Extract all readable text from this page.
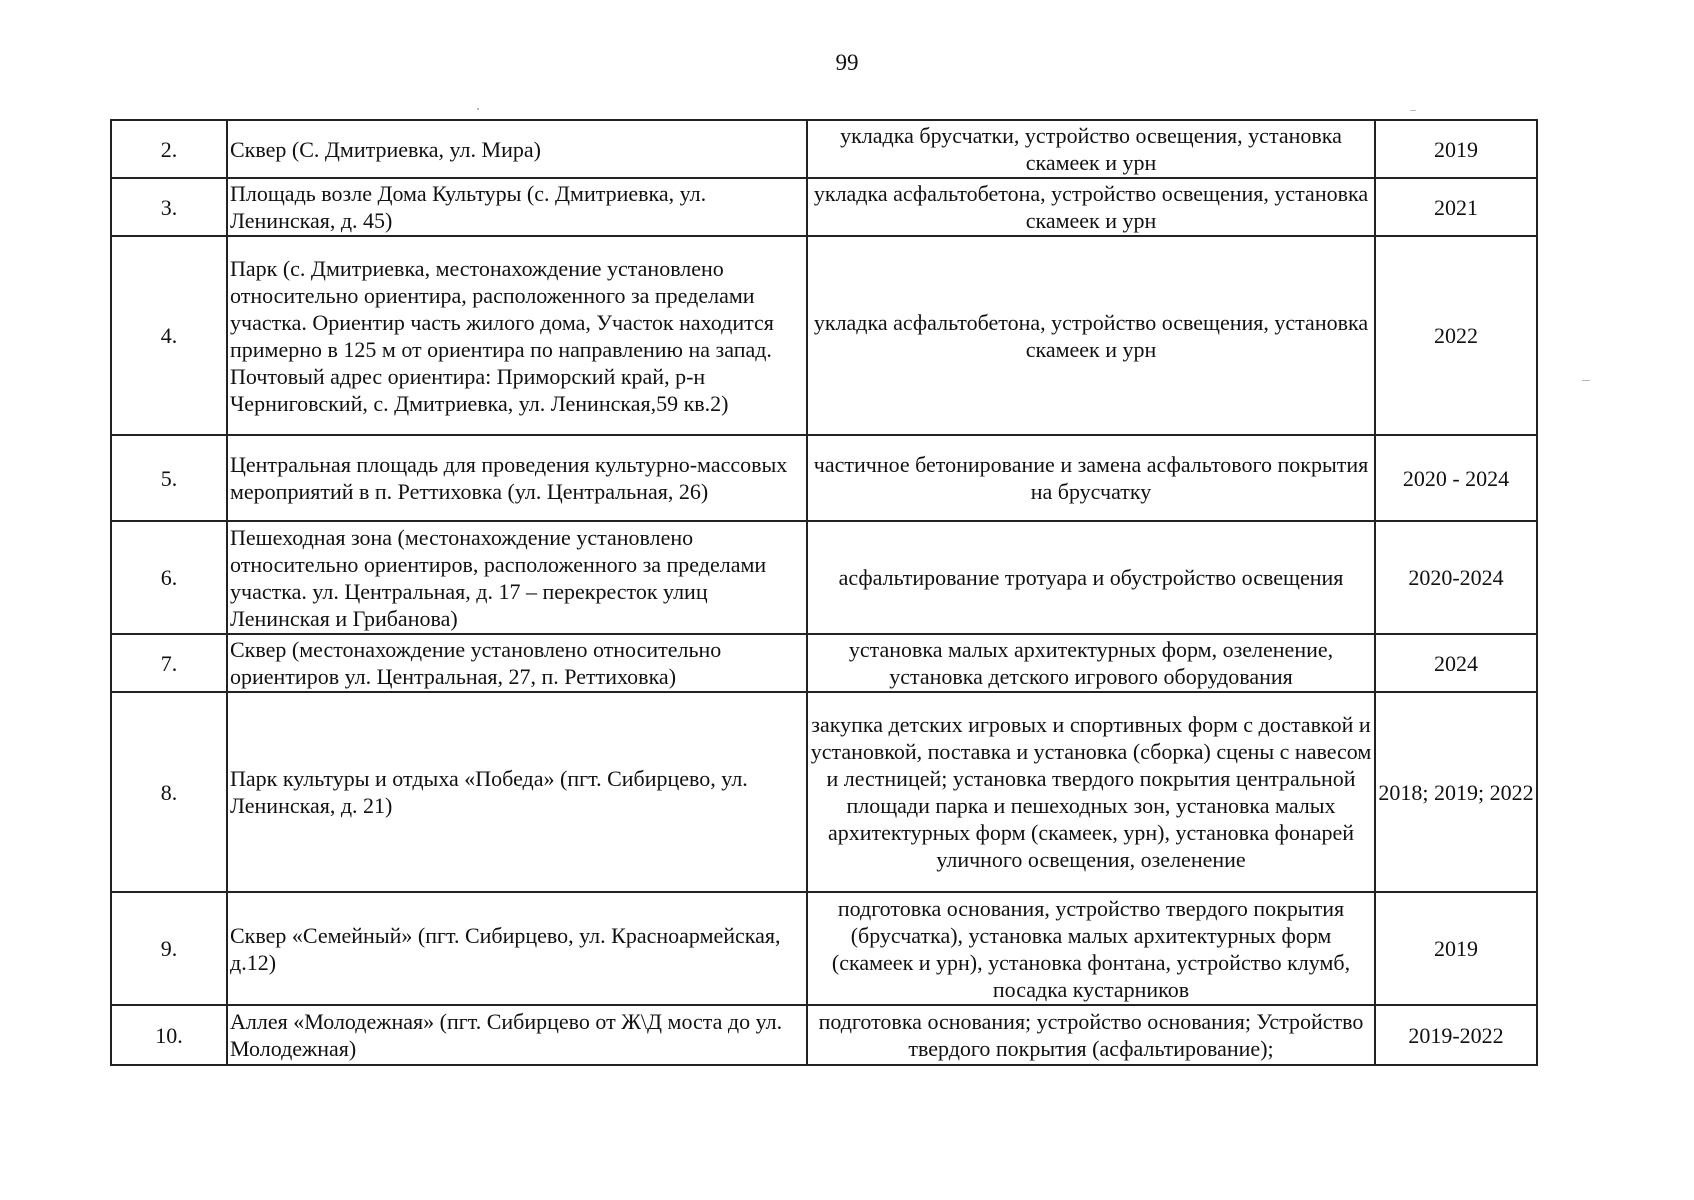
99
2.	Сквер (С. Дмитриевка, ул. Мира)	укладка брусчатки, устройство освещения, установка скамеек и урн	2019
3.	Площадь возле Дома Культуры (с. Дмитриевка, ул. Ленинская, д. 45)	укладка асфальтобетона, устройство освещения, установка скамеек и урн	2021
4.	Парк (с. Дмитриевка, местонахождение установлено относительно ориентира, расположенного за пределами участка. Ориентир часть жилого дома, Участок находится примерно в 125 м от ориентира по направлению на запад. Почтовый адрес ориентира: Приморский край, р-н Черниговский, с. Дмитриевка, ул. Ленинская,59 кв.2)	укладка асфальтобетона, устройство освещения, установка скамеек и урн	2022
5.	Центральная площадь для проведения культурно-массовых мероприятий в п. Реттиховка (ул. Центральная, 26)	частичное бетонирование и замена асфальтового покрытия на брусчатку	2020 - 2024
6.	Пешеходная зона (местонахождение установлено относительно ориентиров, расположенного за пределами участка. ул. Центральная, д. 17 – перекресток улиц Ленинская и Грибанова)	асфальтирование тротуара и обустройство освещения	2020-2024
7.	Сквер (местонахождение установлено относительно ориентиров ул. Центральная, 27, п. Реттиховка)	установка малых архитектурных форм, озеленение, установка детского игрового оборудования	2024
8.	Парк культуры и отдыха «Победа» (пгт. Сибирцево, ул. Ленинская, д. 21)	закупка детских игровых и спортивных форм с доставкой и установкой, поставка и установка (сборка) сцены с навесом и лестницей; установка твердого покрытия центральной площади парка и пешеходных зон, установка малых архитектурных форм (скамеек, урн), установка фонарей уличного освещения, озеленение	2018; 2019; 2022
9.	Сквер «Семейный» (пгт. Сибирцево, ул. Красноармейская, д.12)	подготовка основания, устройство твердого покрытия (брусчатка), установка малых архитектурных форм (скамеек и урн), установка фонтана, устройство клумб, посадка кустарников	2019
10.	Аллея «Молодежная» (пгт. Сибирцево от Ж\Д моста до ул. Молодежная)	подготовка основания; устройство основания; Устройство твердого покрытия (асфальтирование);	2019-2022
